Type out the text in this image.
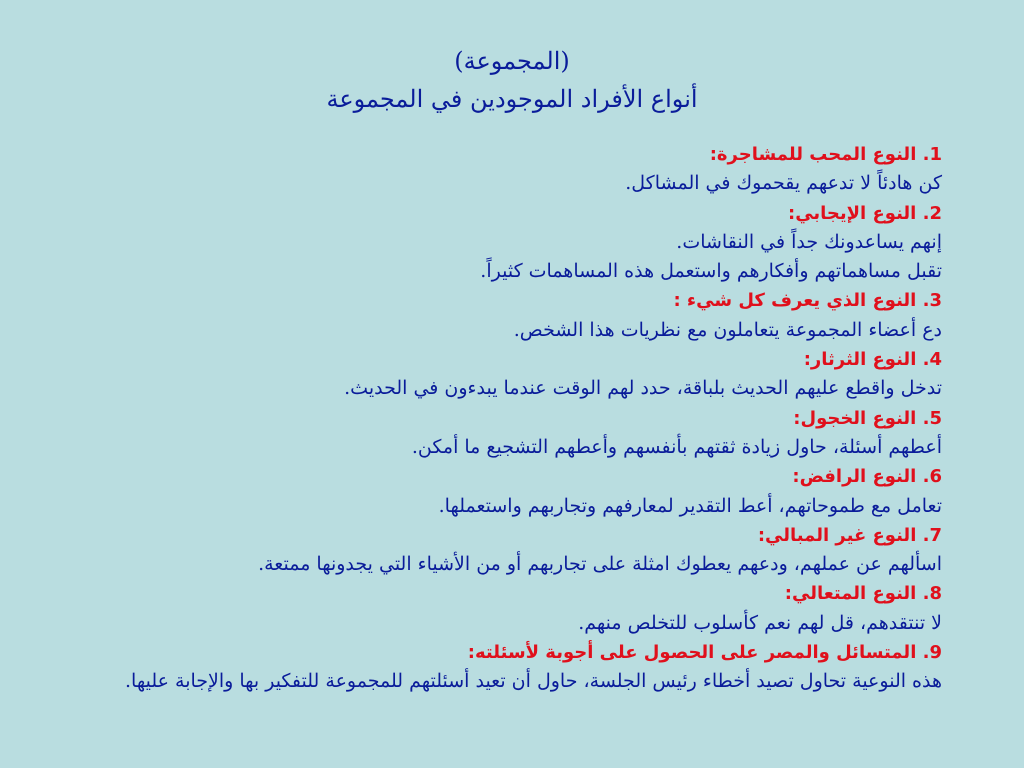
(المجموعة)
أنواع الأفراد الموجودين في المجموعة
1. النوع المحب للمشاجرة:
كن هادئاً لا تدعهم يقحموك في المشاكل.
2. النوع الإيجابي:
إنهم يساعدونك جداً في النقاشات.
تقبل مساهماتهم وأفكارهم واستعمل هذه المساهمات كثيراً.
3. النوع الذي يعرف كل شيء :
دع أعضاء المجموعة يتعاملون مع نظريات هذا الشخص.
4. النوع الثرثار:
تدخل واقطع عليهم الحديث بلباقة، حدد لهم الوقت عندما يبدءون في الحديث.
5. النوع الخجول:
أعطهم أسئلة، حاول زيادة ثقتهم بأنفسهم وأعطهم التشجيع ما أمكن.
6. النوع الرافض:
تعامل مع طموحاتهم، أعط التقدير لمعارفهم وتجاربهم واستعملها.
7. النوع غير المبالي:
اسألهم عن عملهم، ودعهم يعطوك امثلة على تجاربهم أو من الأشياء التي يجدونها ممتعة.
8. النوع المتعالي:
لا تنتقدهم، قل لهم نعم كأسلوب للتخلص منهم.
9. المتسائل والمصر على الحصول على أجوبة لأسئلته:
هذه النوعية تحاول تصيد أخطاء رئيس الجلسة، حاول أن تعيد أسئلتهم للمجموعة للتفكير بها والإجابة عليها.
